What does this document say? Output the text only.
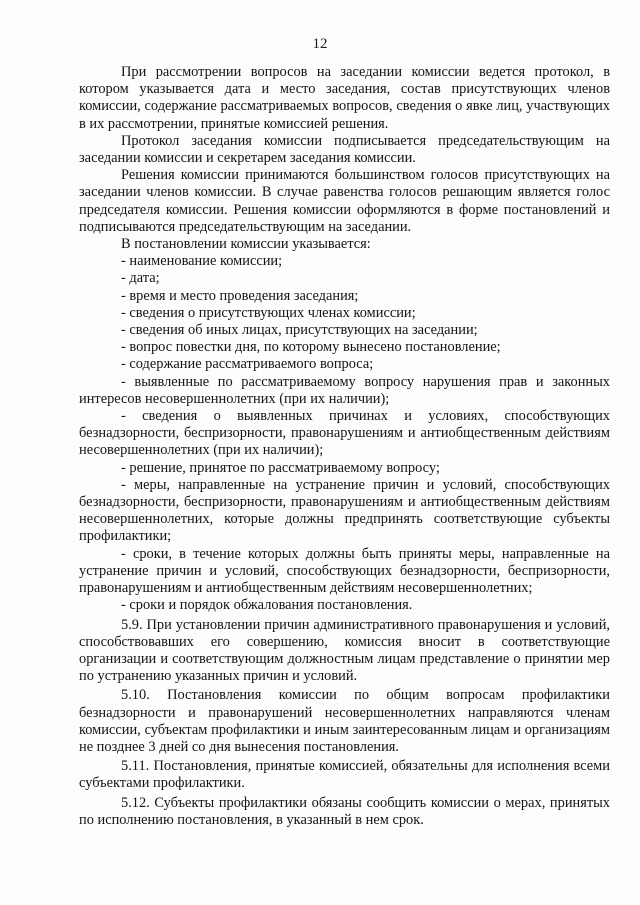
12

При рассмотрении вопросов на заседании комиссии ведется протокол, в котором указывается дата и место заседания, состав присутствующих членов комиссии, содержание рассматриваемых вопросов, сведения о явке лиц, участвующих в их рассмотрении, принятые комиссией решения.

Протокол заседания комиссии подписывается председательствующим на заседании комиссии и секретарем заседания комиссии.

Решения комиссии принимаются большинством голосов присутствующих на заседании членов комиссии. В случае равенства голосов решающим является голос председателя комиссии. Решения комиссии оформляются в форме постановлений и подписываются председательствующим на заседании.

В постановлении комиссии указывается:

- наименование комиссии;

- дата;

- время и место проведения заседания;

- сведения о присутствующих членах комиссии;

- сведения об иных лицах, присутствующих на заседании;

- вопрос повестки дня, по которому вынесено постановление;

- содержание рассматриваемого вопроса;

- выявленные по рассматриваемому вопросу нарушения прав и законных интересов несовершеннолетних (при их наличии);

- сведения о выявленных причинах и условиях, способствующих безнадзорности, беспризорности, правонарушениям и антиобщественным действиям несовершеннолетних (при их наличии);

- решение, принятое по рассматриваемому вопросу;

- меры, направленные на устранение причин и условий, способствующих безнадзорности, беспризорности, правонарушениям и антиобщественным действиям несовершеннолетних, которые должны предпринять соответствующие субъекты профилактики;

- сроки, в течение которых должны быть приняты меры, направленные на устранение причин и условий, способствующих безнадзорности, беспризорности, правонарушениям и антиобщественным действиям несовершеннолетних;

- сроки и порядок обжалования постановления.

5.9. При установлении причин административного правонарушения и условий, способствовавших его совершению, комиссия вносит в соответствующие организации и соответствующим должностным лицам представление о принятии мер по устранению указанных причин и условий.

5.10. Постановления комиссии по общим вопросам профилактики безнадзорности и правонарушений несовершеннолетних направляются членам комиссии, субъектам профилактики и иным заинтересованным лицам и организациям не позднее 3 дней со дня вынесения постановления.

5.11. Постановления, принятые комиссией, обязательны для исполнения всеми субъектами профилактики.

5.12. Субъекты профилактики обязаны сообщить комиссии о мерах, принятых по исполнению постановления, в указанный в нем срок.
